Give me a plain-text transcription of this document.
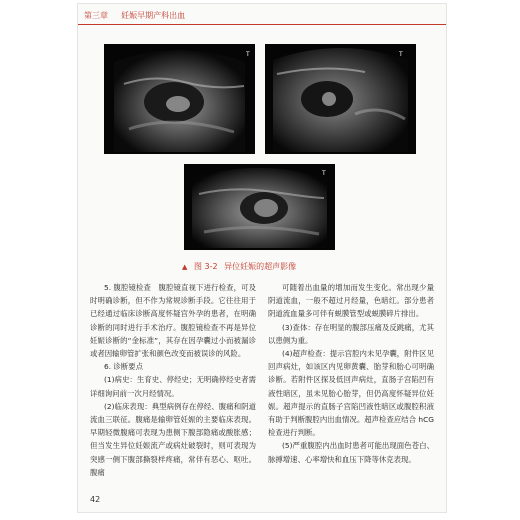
第三章 　 妊娠早期产科出血
T	T
T
▲ 图 3-2 异位妊娠的超声影像

5. 腹腔镜检查　腹腔镜直视下进行检查，可及时明确诊断，但不作为常规诊断手段。它往往用于已经通过临床诊断高度怀疑宫外孕的患者，在明确诊断的同时进行手术治疗。腹腔镜检查不再是异位妊娠诊断的“金标准”，其存在因孕囊过小而被漏诊或者因输卵管扩张和颜色改变而被误诊的风险。

6. 诊断要点

(1)病史：生育史、停经史；无明确停经史者需详细询问前一次月经情况。

(2)临床表现：典型病例存在停经、腹痛和阴道流血三联征。腹痛是输卵管妊娠的主要临床表现。早期轻微腹痛可表现为患侧下腹部隐痛或酸胀感；但当发生异位妊娠流产或病灶破裂时，则可表现为突感一侧下腹部撕裂样疼痛，常伴有恶心、呕吐。腹痛

可随着出血量的增加而发生变化。常出现少量阴道流血，一般不超过月经量，色暗红。部分患者阴道流血量多可伴有蜕膜管型或蜕膜碎片排出。

(3)查体：存在明显的腹部压痛及反跳痛，尤其以患侧为重。

(4)超声检查：提示宫腔内未见孕囊，附件区见回声病灶，如该区内见卵黄囊、胎芽和胎心可明确诊断。若附件区探及低回声病灶，直肠子宫陷凹有液性暗区，虽未见胎心胎芽，但仍高度怀疑异位妊娠。超声提示的直肠子宫陷凹液性暗区或腹腔积液有助于判断腹腔内出血情况。超声检查应结合 hCG 检查进行判断。

(5)严重腹腔内出血时患者可能出现面色苍白、脉搏增速、心率增快和血压下降等休克表现。

42
